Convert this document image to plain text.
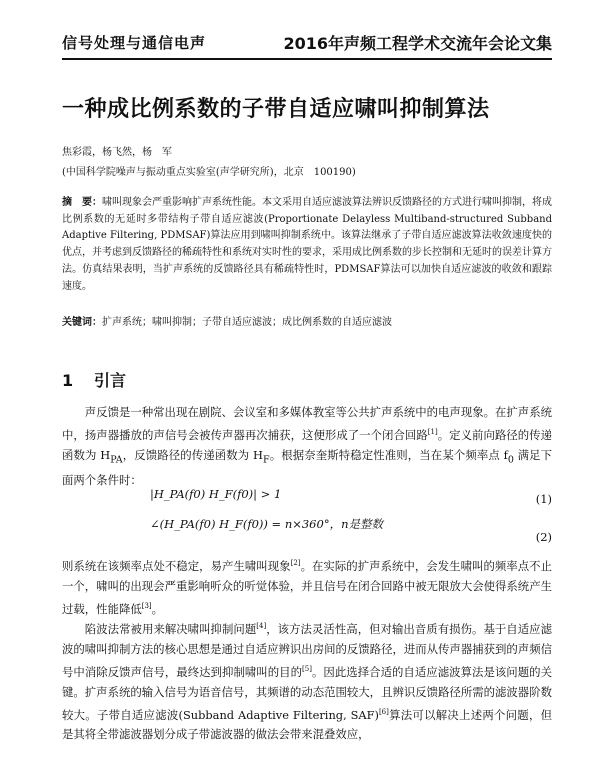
信号处理与通信电声	2016年声频工程学术交流年会论文集
一种成比例系数的子带自适应啸叫抑制算法
焦彩霞，杨飞然，杨　军
(中国科学院噪声与振动重点实验室(声学研究所)，北京　100190)
摘　要：啸叫现象会严重影响扩声系统性能。本文采用自适应滤波算法辨识反馈路径的方式进行啸叫抑制，将成比例系数的无延时多带结构子带自适应滤波(Proportionate Delayless Multiband-structured Subband Adaptive Filtering, PDMSAF)算法应用到啸叫抑制系统中。该算法继承了子带自适应滤波算法收敛速度快的优点，并考虑到反馈路径的稀疏特性和系统对实时性的要求，采用成比例系数的步长控制和无延时的误差计算方法。仿真结果表明，当扩声系统的反馈路径具有稀疏特性时，PDMSAF算法可以加快自适应滤波的收敛和跟踪速度。
关键词：扩声系统；啸叫抑制；子带自适应滤波；成比例系数的自适应滤波
1 引言
声反馈是一种常出现在剧院、会议室和多媒体教室等公共扩声系统中的电声现象。在扩声系统中，扬声器播放的声信号会被传声器再次捕获，这便形成了一个闭合回路[1]。定义前向路径的传递函数为 $H_{PA}$，反馈路径的传递函数为 $H_F$。根据奈奎斯特稳定性准则，当在某个频率点 $f_0$ 满足下面两个条件时：
|H_PA(f0) H_F(f0)| > 1	(1)
∠(H_PA(f0) H_F(f0)) = n×360°，n是整数
(2)
则系统在该频率点处不稳定，易产生啸叫现象[2]。在实际的扩声系统中，会发生啸叫的频率点不止一个，啸叫的出现会严重影响听众的听觉体验，并且信号在闭合回路中被无限放大会使得系统产生过载，性能降低[3]。
陷波法常被用来解决啸叫抑制问题[4]，该方法灵活性高，但对输出音质有损伤。基于自适应滤波的啸叫抑制方法的核心思想是通过自适应辨识出房间的反馈路径，进而从传声器捕获到的声频信号中消除反馈声信号，最终达到抑制啸叫的目的[5]。因此选择合适的自适应滤波算法是该问题的关键。扩声系统的输入信号为语音信号，其频谱的动态范围较大，且辨识反馈路径所需的滤波器阶数较大。子带自适应滤波(Subband Adaptive Filtering, SAF)[6]算法可以解决上述两个问题，但是其将全带滤波器划分成子带滤波器的做法会带来混叠效应，
